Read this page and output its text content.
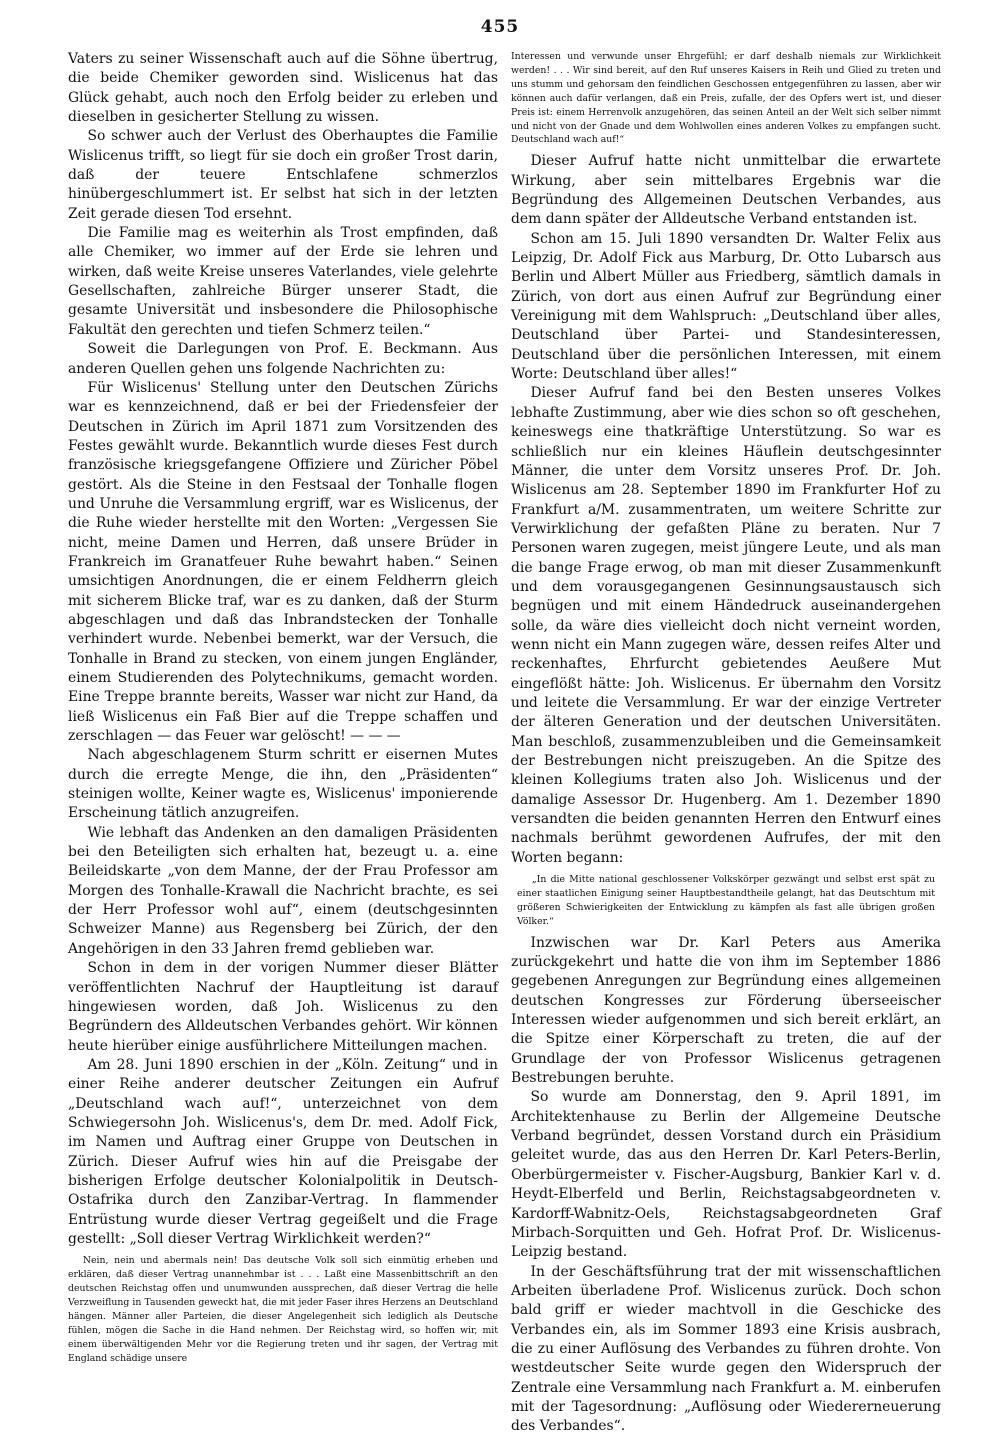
455

Vaters zu seiner Wissenschaft auch auf die Söhne übertrug, die beide Chemiker geworden sind. Wislicenus hat das Glück gehabt, auch noch den Erfolg beider zu erleben und dieselben in gesicherter Stellung zu wissen.

So schwer auch der Verlust des Oberhauptes die Familie Wislicenus trifft, so liegt für sie doch ein großer Trost darin, daß der teuere Entschlafene schmerzlos hinübergeschlummert ist. Er selbst hat sich in der letzten Zeit gerade diesen Tod ersehnt.

Die Familie mag es weiterhin als Trost empfinden, daß alle Chemiker, wo immer auf der Erde sie lehren und wirken, daß weite Kreise unseres Vaterlandes, viele gelehrte Gesellschaften, zahlreiche Bürger unserer Stadt, die gesamte Universität und insbesondere die Philosophische Fakultät den gerechten und tiefen Schmerz teilen.“

Soweit die Darlegungen von Prof. E. Beckmann. Aus anderen Quellen gehen uns folgende Nachrichten zu:

Für Wislicenus' Stellung unter den Deutschen Zürichs war es kennzeichnend, daß er bei der Friedensfeier der Deutschen in Zürich im April 1871 zum Vorsitzenden des Festes gewählt wurde. Bekanntlich wurde dieses Fest durch französische kriegsgefangene Offiziere und Züricher Pöbel gestört. Als die Steine in den Festsaal der Tonhalle flogen und Unruhe die Versammlung ergriff, war es Wislicenus, der die Ruhe wieder herstellte mit den Worten: „Vergessen Sie nicht, meine Damen und Herren, daß unsere Brüder in Frankreich im Granatfeuer Ruhe bewahrt haben.“ Seinen umsichtigen Anordnungen, die er einem Feldherrn gleich mit sicherem Blicke traf, war es zu danken, daß der Sturm abgeschlagen und daß das Inbrandstecken der Tonhalle verhindert wurde. Nebenbei bemerkt, war der Versuch, die Tonhalle in Brand zu stecken, von einem jungen Engländer, einem Studierenden des Polytechnikums, gemacht worden. Eine Treppe brannte bereits, Wasser war nicht zur Hand, da ließ Wislicenus ein Faß Bier auf die Treppe schaffen und zerschlagen — das Feuer war gelöscht! — — —

Nach abgeschlagenem Sturm schritt er eisernen Mutes durch die erregte Menge, die ihn, den „Präsidenten“ steinigen wollte, Keiner wagte es, Wislicenus' imponierende Erscheinung tätlich anzugreifen.

Wie lebhaft das Andenken an den damaligen Präsidenten bei den Beteiligten sich erhalten hat, bezeugt u. a. eine Beileidskarte „von dem Manne, der der Frau Professor am Morgen des Tonhalle-Krawall die Nachricht brachte, es sei der Herr Professor wohl auf“, einem (deutschgesinnten Schweizer Manne) aus Regensberg bei Zürich, der den Angehörigen in den 33 Jahren fremd geblieben war.

Schon in dem in der vorigen Nummer dieser Blätter veröffentlichten Nachruf der Hauptleitung ist darauf hingewiesen worden, daß Joh. Wislicenus zu den Begründern des Alldeutschen Verbandes gehört. Wir können heute hierüber einige ausführlichere Mitteilungen machen.

Am 28. Juni 1890 erschien in der „Köln. Zeitung“ und in einer Reihe anderer deutscher Zeitungen ein Aufruf „Deutschland wach auf!“, unterzeichnet von dem Schwiegersohn Joh. Wislicenus's, dem Dr. med. Adolf Fick, im Namen und Auftrag einer Gruppe von Deutschen in Zürich. Dieser Aufruf wies hin auf die Preisgabe der bisherigen Erfolge deutscher Kolonialpolitik in Deutsch-Ostafrika durch den Zanzibar-Vertrag. In flammender Entrüstung wurde dieser Vertrag gegeißelt und die Frage gestellt: „Soll dieser Vertrag Wirklichkeit werden?“

Nein, nein und abermals nein! Das deutsche Volk soll sich einmütig erheben und erklären, daß dieser Vertrag unannehmbar ist . . . Laßt eine Massenbittschrift an den deutschen Reichstag offen und unumwunden aussprechen, daß dieser Vertrag die helle Verzweiflung in Tausenden geweckt hat, die mit jeder Faser ihres Herzens an Deutschland hängen. Männer aller Parteien, die dieser Angelegenheit sich lediglich als Deutsche fühlen, mögen die Sache in die Hand nehmen. Der Reichstag wird, so hoffen wir, mit einem überwältigenden Mehr vor die Regierung treten und ihr sagen, der Vertrag mit England schädige unsere

Interessen und verwunde unser Ehrgefühl; er darf deshalb niemals zur Wirklichkeit werden! . . . Wir sind bereit, auf den Ruf unseres Kaisers in Reih und Glied zu treten und uns stumm und gehorsam den feindlichen Geschossen entgegenführen zu lassen, aber wir können auch dafür verlangen, daß ein Preis, zufalle, der des Opfers wert ist, und dieser Preis ist: einem Herrenvolk anzugehören, das seinen Anteil an der Welt sich selber nimmt und nicht von der Gnade und dem Wohlwollen eines anderen Volkes zu empfangen sucht. Deutschland wach auf!“

Dieser Aufruf hatte nicht unmittelbar die erwartete Wirkung, aber sein mittelbares Ergebnis war die Begründung des Allgemeinen Deutschen Verbandes, aus dem dann später der Alldeutsche Verband entstanden ist.

Schon am 15. Juli 1890 versandten Dr. Walter Felix aus Leipzig, Dr. Adolf Fick aus Marburg, Dr. Otto Lubarsch aus Berlin und Albert Müller aus Friedberg, sämtlich damals in Zürich, von dort aus einen Aufruf zur Begründung einer Vereinigung mit dem Wahlspruch: „Deutschland über alles, Deutschland über Partei- und Standesinteressen, Deutschland über die persönlichen Interessen, mit einem Worte: Deutschland über alles!“

Dieser Aufruf fand bei den Besten unseres Volkes lebhafte Zustimmung, aber wie dies schon so oft geschehen, keineswegs eine thatkräftige Unterstützung. So war es schließlich nur ein kleines Häuflein deutschgesinnter Männer, die unter dem Vorsitz unseres Prof. Dr. Joh. Wislicenus am 28. September 1890 im Frankfurter Hof zu Frankfurt a/M. zusammentraten, um weitere Schritte zur Verwirklichung der gefaßten Pläne zu beraten. Nur 7 Personen waren zugegen, meist jüngere Leute, und als man die bange Frage erwog, ob man mit dieser Zusammenkunft und dem vorausgegangenen Gesinnungsaustausch sich begnügen und mit einem Händedruck auseinandergehen solle, da wäre dies vielleicht doch nicht verneint worden, wenn nicht ein Mann zugegen wäre, dessen reifes Alter und reckenhaftes, Ehrfurcht gebietendes Aeußere Mut eingeflößt hätte: Joh. Wislicenus. Er übernahm den Vorsitz und leitete die Versammlung. Er war der einzige Vertreter der älteren Generation und der deutschen Universitäten. Man beschloß, zusammenzubleiben und die Gemeinsamkeit der Bestrebungen nicht preiszugeben. An die Spitze des kleinen Kollegiums traten also Joh. Wislicenus und der damalige Assessor Dr. Hugenberg. Am 1. Dezember 1890 versandten die beiden genannten Herren den Entwurf eines nachmals berühmt gewordenen Aufrufes, der mit den Worten begann:

„In die Mitte national geschlossener Volkskörper gezwängt und selbst erst spät zu einer staatlichen Einigung seiner Hauptbestandtheile gelangt, hat das Deutschtum mit größeren Schwierigkeiten der Entwicklung zu kämpfen als fast alle übrigen großen Völker.“

Inzwischen war Dr. Karl Peters aus Amerika zurückgekehrt und hatte die von ihm im September 1886 gegebenen Anregungen zur Begründung eines allgemeinen deutschen Kongresses zur Förderung überseeischer Interessen wieder aufgenommen und sich bereit erklärt, an die Spitze einer Körperschaft zu treten, die auf der Grundlage der von Professor Wislicenus getragenen Bestrebungen beruhte.

So wurde am Donnerstag, den 9. April 1891, im Architektenhause zu Berlin der Allgemeine Deutsche Verband begründet, dessen Vorstand durch ein Präsidium geleitet wurde, das aus den Herren Dr. Karl Peters-Berlin, Oberbürgermeister v. Fischer-Augsburg, Bankier Karl v. d. Heydt-Elberfeld und Berlin, Reichstagsabgeordneten v. Kardorff-Wabnitz-Oels, Reichstagsabgeordneten Graf Mirbach-Sorquitten und Geh. Hofrat Prof. Dr. Wislicenus-Leipzig bestand.

In der Geschäftsführung trat der mit wissenschaftlichen Arbeiten überladene Prof. Wislicenus zurück. Doch schon bald griff er wieder machtvoll in die Geschicke des Verbandes ein, als im Sommer 1893 eine Krisis ausbrach, die zu einer Auflösung des Verbandes zu führen drohte. Von westdeutscher Seite wurde gegen den Widerspruch der Zentrale eine Versammlung nach Frankfurt a. M. einberufen mit der Tagesordnung: „Auflösung oder Wiedererneuerung des Verbandes“.
